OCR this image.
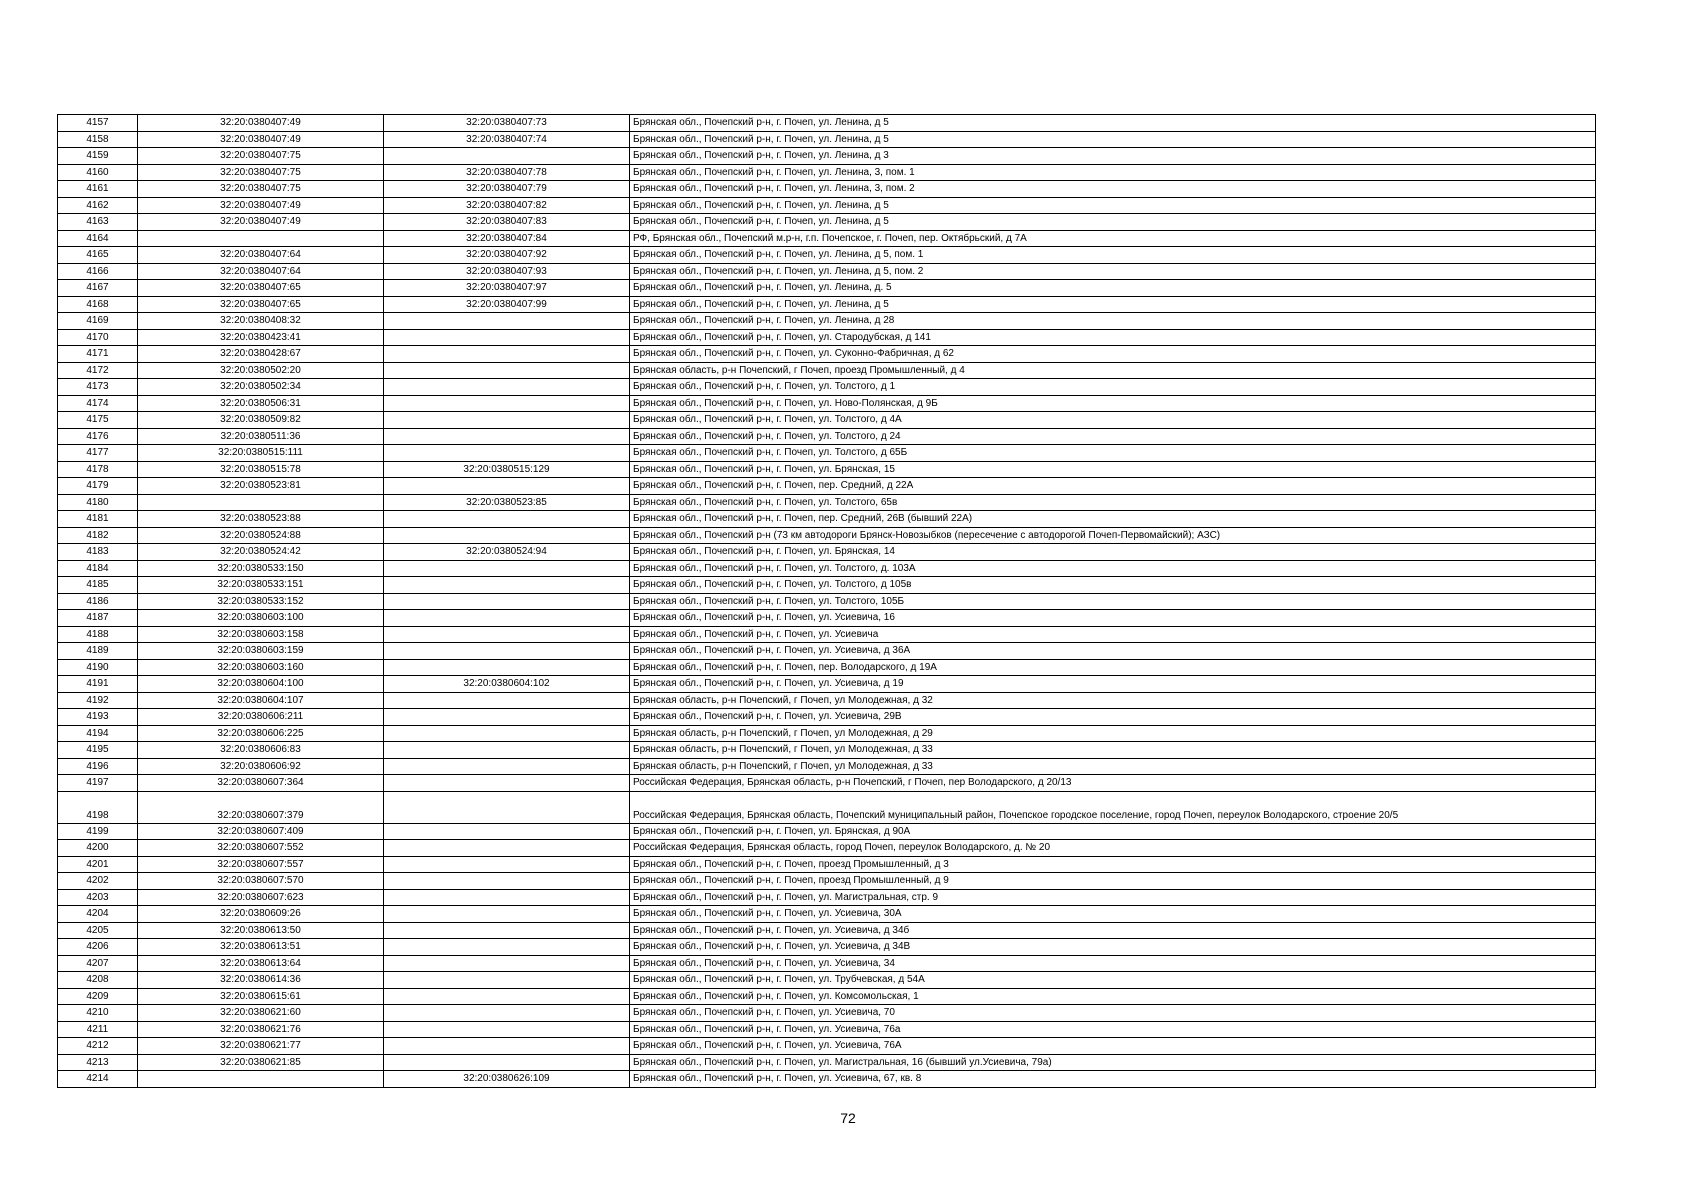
4157	32:20:0380407:49	32:20:0380407:73	Брянская обл., Почепский р-н, г. Почеп, ул. Ленина, д 5
4158	32:20:0380407:49	32:20:0380407:74	Брянская обл., Почепский р-н, г. Почеп, ул. Ленина, д 5
4159	32:20:0380407:75		Брянская обл., Почепский р-н, г. Почеп, ул. Ленина, д 3
4160	32:20:0380407:75	32:20:0380407:78	Брянская обл., Почепский р-н, г. Почеп, ул. Ленина, 3, пом. 1
4161	32:20:0380407:75	32:20:0380407:79	Брянская обл., Почепский р-н, г. Почеп, ул. Ленина, 3, пом. 2
4162	32:20:0380407:49	32:20:0380407:82	Брянская обл., Почепский р-н, г. Почеп, ул. Ленина, д 5
4163	32:20:0380407:49	32:20:0380407:83	Брянская обл., Почепский р-н, г. Почеп, ул. Ленина, д 5
4164		32:20:0380407:84	РФ, Брянская обл., Почепский м.р-н, г.п. Почепское, г. Почеп, пер. Октябрьский, д 7А
4165	32:20:0380407:64	32:20:0380407:92	Брянская обл., Почепский р-н, г. Почеп, ул. Ленина, д 5, пом. 1
4166	32:20:0380407:64	32:20:0380407:93	Брянская обл., Почепский р-н, г. Почеп, ул. Ленина, д 5, пом. 2
4167	32:20:0380407:65	32:20:0380407:97	Брянская обл., Почепский р-н, г. Почеп, ул. Ленина, д. 5
4168	32:20:0380407:65	32:20:0380407:99	Брянская обл., Почепский р-н, г. Почеп, ул. Ленина, д 5
4169	32:20:0380408:32		Брянская обл., Почепский р-н, г. Почеп, ул. Ленина, д 28
4170	32:20:0380423:41		Брянская обл., Почепский р-н, г. Почеп, ул. Стародубская, д 141
4171	32:20:0380428:67		Брянская обл., Почепский р-н, г. Почеп, ул. Суконно-Фабричная, д 62
4172	32:20:0380502:20		Брянская область, р-н Почепский, г Почеп, проезд Промышленный, д 4
4173	32:20:0380502:34		Брянская обл., Почепский р-н, г. Почеп, ул. Толстого, д 1
4174	32:20:0380506:31		Брянская обл., Почепский р-н, г. Почеп, ул. Ново-Полянская, д 9Б
4175	32:20:0380509:82		Брянская обл., Почепский р-н, г. Почеп, ул. Толстого, д 4А
4176	32:20:0380511:36		Брянская обл., Почепский р-н, г. Почеп, ул. Толстого, д 24
4177	32:20:0380515:111		Брянская обл., Почепский р-н, г. Почеп, ул. Толстого, д 65Б
4178	32:20:0380515:78	32:20:0380515:129	Брянская обл., Почепский р-н, г. Почеп, ул. Брянская, 15
4179	32:20:0380523:81		Брянская обл., Почепский р-н, г. Почеп, пер. Средний, д 22А
4180		32:20:0380523:85	Брянская обл., Почепский р-н, г. Почеп, ул. Толстого, 65в
4181	32:20:0380523:88		Брянская обл., Почепский р-н, г. Почеп, пер. Средний, 26В (бывший 22А)
4182	32:20:0380524:88		Брянская обл., Почепский р-н (73 км автодороги Брянск-Новозыбков (пересечение с автодорогой Почеп-Первомайский); АЗС)
4183	32:20:0380524:42	32:20:0380524:94	Брянская обл., Почепский р-н, г. Почеп, ул. Брянская, 14
4184	32:20:0380533:150		Брянская обл., Почепский р-н, г. Почеп, ул. Толстого, д. 103А
4185	32:20:0380533:151		Брянская обл., Почепский р-н, г. Почеп, ул. Толстого, д 105в
4186	32:20:0380533:152		Брянская обл., Почепский р-н, г. Почеп, ул. Толстого, 105Б
4187	32:20:0380603:100		Брянская обл., Почепский р-н, г. Почеп, ул. Усиевича, 16
4188	32:20:0380603:158		Брянская обл., Почепский р-н, г. Почеп, ул. Усиевича
4189	32:20:0380603:159		Брянская обл., Почепский р-н, г. Почеп, ул. Усиевича, д 36А
4190	32:20:0380603:160		Брянская обл., Почепский р-н, г. Почеп, пер. Володарского, д 19А
4191	32:20:0380604:100	32:20:0380604:102	Брянская обл., Почепский р-н, г. Почеп, ул. Усиевича, д 19
4192	32:20:0380604:107		Брянская область, р-н Почепский, г Почеп, ул Молодежная, д 32
4193	32:20:0380606:211		Брянская обл., Почепский р-н, г. Почеп, ул. Усиевича, 29В
4194	32:20:0380606:225		Брянская область, р-н Почепский, г Почеп, ул Молодежная, д 29
4195	32:20:0380606:83		Брянская область, р-н Почепский, г Почеп, ул Молодежная, д 33
4196	32:20:0380606:92		Брянская область, р-н Почепский, г Почеп, ул Молодежная, д 33
4197	32:20:0380607:364		Российская Федерация, Брянская область, р-н Почепский, г Почеп, пер Володарского, д 20/13
4198	32:20:0380607:379		Российская Федерация, Брянская область, Почепский муниципальный район, Почепское городское поселение, город Почеп, переулок Володарского, строение 20/5
4199	32:20:0380607:409		Брянская обл., Почепский р-н, г. Почеп, ул. Брянская, д 90А
4200	32:20:0380607:552		Российская Федерация, Брянская область, город Почеп, переулок Володарского, д. № 20
4201	32:20:0380607:557		Брянская обл., Почепский р-н, г. Почеп, проезд Промышленный, д 3
4202	32:20:0380607:570		Брянская обл., Почепский р-н, г. Почеп, проезд Промышленный, д 9
4203	32:20:0380607:623		Брянская обл., Почепский р-н, г. Почеп, ул. Магистральная, стр. 9
4204	32:20:0380609:26		Брянская обл., Почепский р-н, г. Почеп, ул. Усиевича, 30А
4205	32:20:0380613:50		Брянская обл., Почепский р-н, г. Почеп, ул. Усиевича, д 34б
4206	32:20:0380613:51		Брянская обл., Почепский р-н, г. Почеп, ул. Усиевича, д 34В
4207	32:20:0380613:64		Брянская обл., Почепский р-н, г. Почеп, ул. Усиевича, 34
4208	32:20:0380614:36		Брянская обл., Почепский р-н, г. Почеп, ул. Трубчевская, д 54А
4209	32:20:0380615:61		Брянская обл., Почепский р-н, г. Почеп, ул. Комсомольская, 1
4210	32:20:0380621:60		Брянская обл., Почепский р-н, г. Почеп, ул. Усиевича, 70
4211	32:20:0380621:76		Брянская обл., Почепский р-н, г. Почеп, ул. Усиевича, 76а
4212	32:20:0380621:77		Брянская обл., Почепский р-н, г. Почеп, ул. Усиевича, 76А
4213	32:20:0380621:85		Брянская обл., Почепский р-н, г. Почеп, ул. Магистральная, 16 (бывший ул.Усиевича, 79а)
4214		32:20:0380626:109	Брянская обл., Почепский р-н, г. Почеп, ул. Усиевича, 67, кв. 8
72
